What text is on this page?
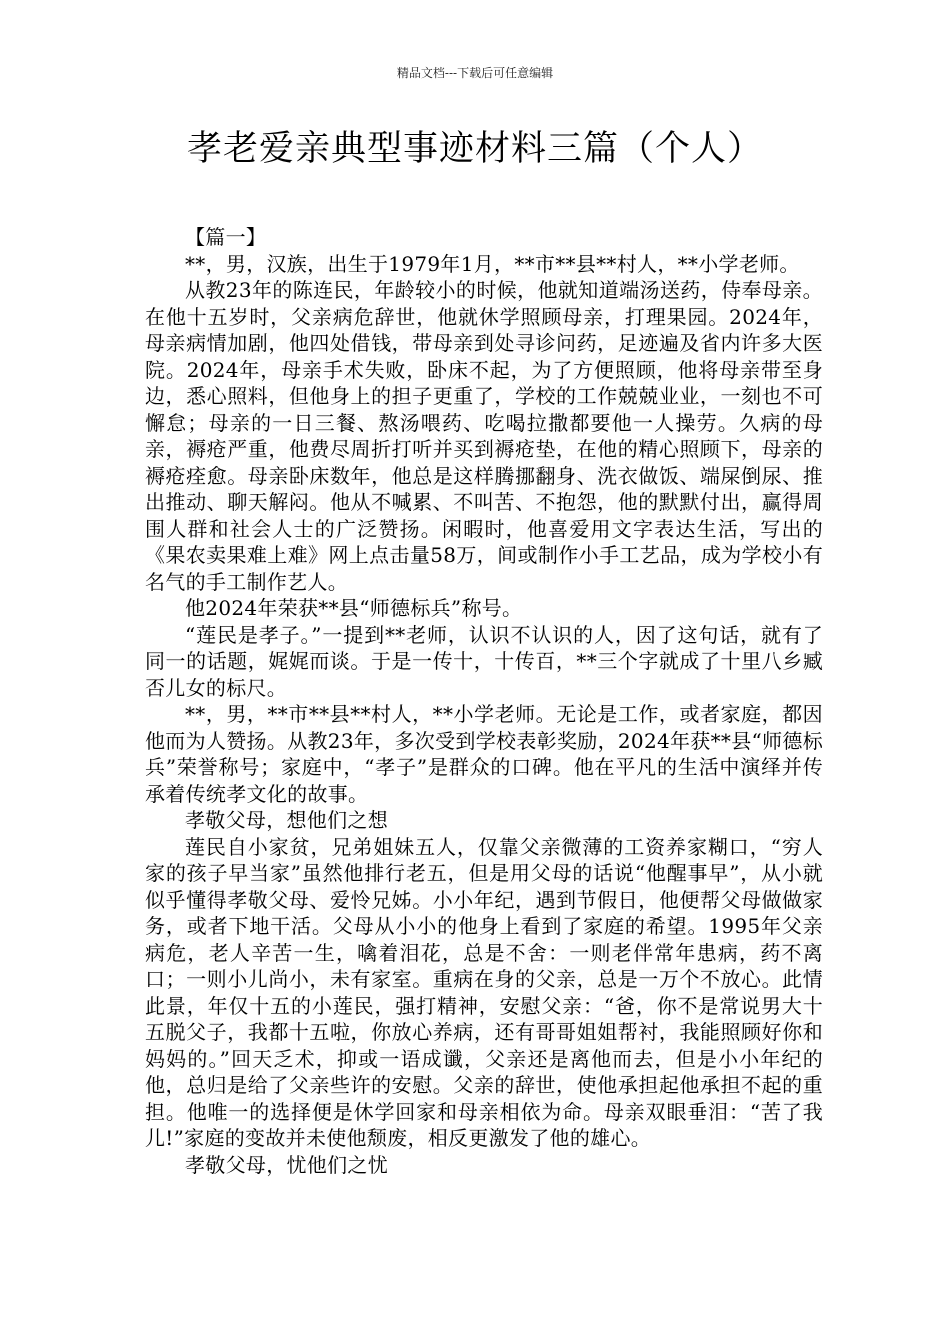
精品文档---下载后可任意编辑
孝老爱亲典型事迹材料三篇（个人）

【篇一】

**，男，汉族，出生于1979年1月，**市**县**村人，**小学老师。

从教23年的陈连民，年龄较小的时候，他就知道端汤送药，侍奉母亲。在他十五岁时，父亲病危辞世，他就休学照顾母亲，打理果园。2024年，母亲病情加剧，他四处借钱，带母亲到处寻诊问药，足迹遍及省内许多大医院。2024年，母亲手术失败，卧床不起，为了方便照顾，他将母亲带至身边，悉心照料，但他身上的担子更重了，学校的工作兢兢业业，一刻也不可懈怠；母亲的一日三餐、熬汤喂药、吃喝拉撒都要他一人操劳。久病的母亲，褥疮严重，他费尽周折打听并买到褥疮垫，在他的精心照顾下，母亲的褥疮痊愈。母亲卧床数年，他总是这样腾挪翻身、洗衣做饭、端屎倒尿、推出推动、聊天解闷。他从不喊累、不叫苦、不抱怨，他的默默付出，赢得周围人群和社会人士的广泛赞扬。闲暇时，他喜爱用文字表达生活，写出的《果农卖果难上难》网上点击量58万，间或制作小手工艺品，成为学校小有名气的手工制作艺人。

他2024年荣获**县“师德标兵”称号。

“莲民是孝子。”一提到**老师，认识不认识的人，因了这句话，就有了同一的话题，娓娓而谈。于是一传十，十传百，**三个字就成了十里八乡臧否儿女的标尺。

**，男，**市**县**村人，**小学老师。无论是工作，或者家庭，都因他而为人赞扬。从教23年，多次受到学校表彰奖励，2024年获**县“师德标兵”荣誉称号；家庭中，“孝子”是群众的口碑。他在平凡的生活中演绎并传承着传统孝文化的故事。

孝敬父母，想他们之想

莲民自小家贫，兄弟姐妹五人，仅靠父亲微薄的工资养家糊口，“穷人家的孩子早当家”虽然他排行老五，但是用父母的话说“他醒事早”，从小就似乎懂得孝敬父母、爱怜兄姊。小小年纪，遇到节假日，他便帮父母做做家务，或者下地干活。父母从小小的他身上看到了家庭的希望。1995年父亲病危，老人辛苦一生，噙着泪花，总是不舍：一则老伴常年患病，药不离口；一则小儿尚小，未有家室。重病在身的父亲，总是一万个不放心。此情此景，年仅十五的小莲民，强打精神，安慰父亲：“爸，你不是常说男大十五脱父子，我都十五啦，你放心养病，还有哥哥姐姐帮衬，我能照顾好你和妈妈的。”回天乏术，抑或一语成谶，父亲还是离他而去，但是小小年纪的他，总归是给了父亲些许的安慰。父亲的辞世，使他承担起他承担不起的重担。他唯一的选择便是休学回家和母亲相依为命。母亲双眼垂泪：“苦了我儿!”家庭的变故并未使他颓废，相反更激发了他的雄心。

孝敬父母，忧他们之忧
